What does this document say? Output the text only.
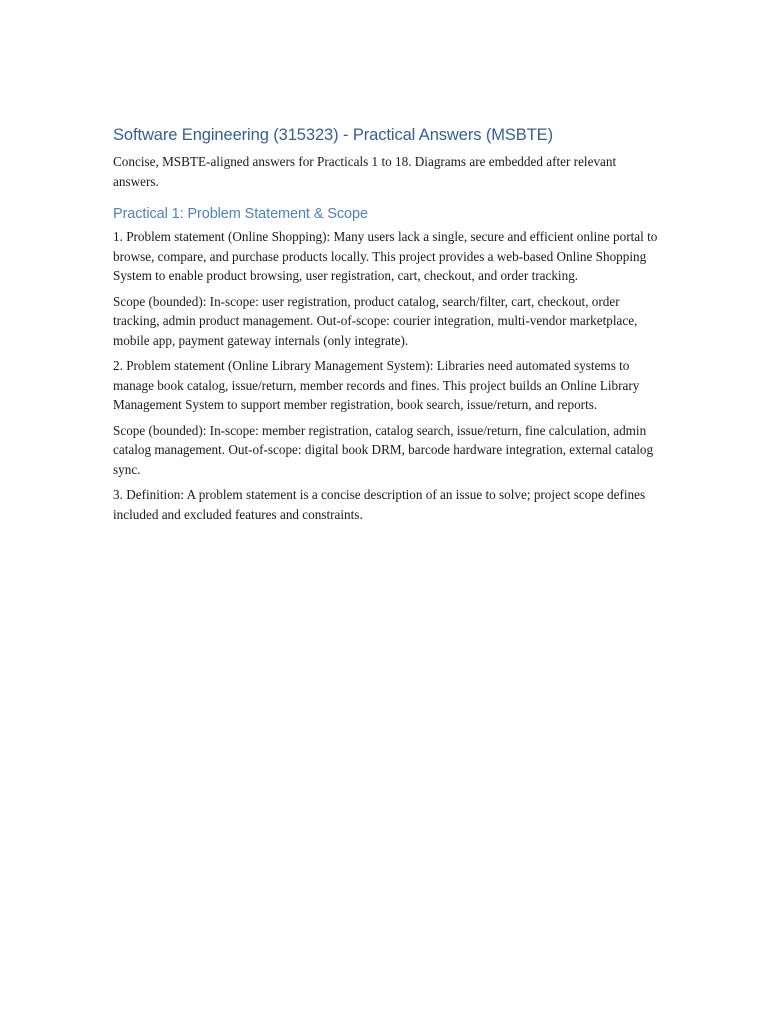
Software Engineering (315323) - Practical Answers (MSBTE)

Concise, MSBTE-aligned answers for Practicals 1 to 18. Diagrams are embedded after relevant answers.

Practical 1: Problem Statement & Scope

1. Problem statement (Online Shopping): Many users lack a single, secure and efficient online portal to browse, compare, and purchase products locally. This project provides a web-based Online Shopping System to enable product browsing, user registration, cart, checkout, and order tracking.

Scope (bounded): In-scope: user registration, product catalog, search/filter, cart, checkout, order tracking, admin product management. Out-of-scope: courier integration, multi-vendor marketplace, mobile app, payment gateway internals (only integrate).

2. Problem statement (Online Library Management System): Libraries need automated systems to manage book catalog, issue/return, member records and fines. This project builds an Online Library Management System to support member registration, book search, issue/return, and reports.

Scope (bounded): In-scope: member registration, catalog search, issue/return, fine calculation, admin catalog management. Out-of-scope: digital book DRM, barcode hardware integration, external catalog sync.

3. Definition: A problem statement is a concise description of an issue to solve; project scope defines included and excluded features and constraints.
